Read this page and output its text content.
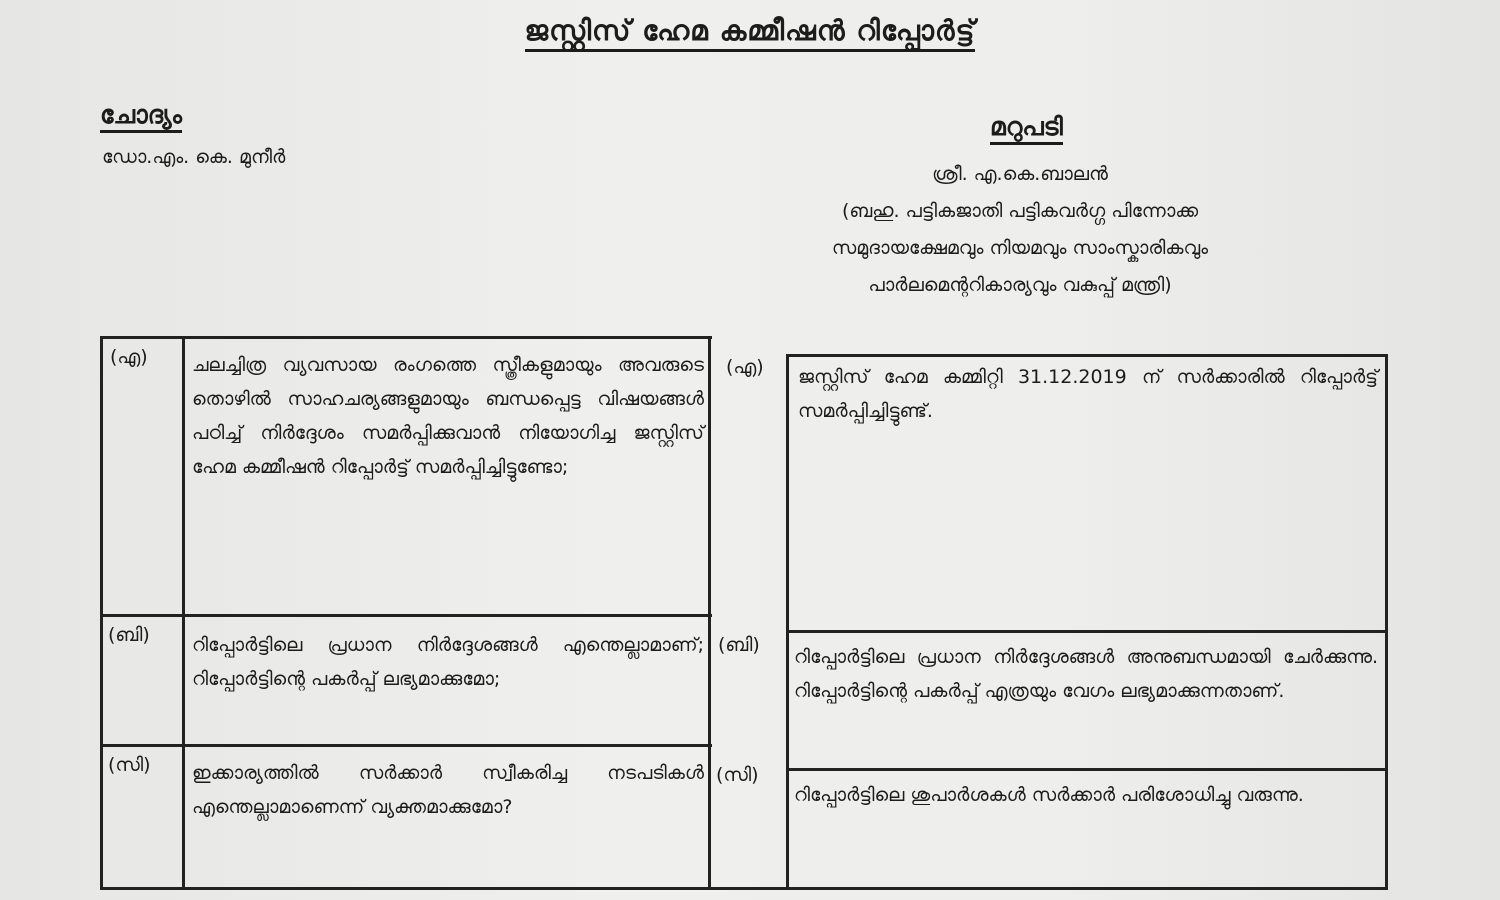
ജസ്റ്റിസ് ഹേമ കമ്മീഷൻ റിപ്പോർട്ട്
ചോദ്യം
ഡോ.എം. കെ. മുനീർ
മറുപടി
ശ്രീ. എ.കെ.ബാലൻ
(ബഹു. പട്ടികജാതി പട്ടികവർഗ്ഗ പിന്നോക്ക
സമുദായക്ഷേമവും നിയമവും സാംസ്കാരികവും
പാർലമെന്ററികാര്യവും വകുപ്പ് മന്ത്രി)
(എ) ചലച്ചിത്ര വ്യവസായ രംഗത്തെ സ്ത്രീകളുമായും അവരുടെ തൊഴിൽ സാഹചര്യങ്ങളുമായും ബന്ധപ്പെട്ട വിഷയങ്ങൾ പഠിച്ച് നിർദ്ദേശം സമർപ്പിക്കുവാൻ നിയോഗിച്ച ജസ്റ്റിസ് ഹേമ കമ്മീഷൻ റിപ്പോർട്ട് സമർപ്പിച്ചിട്ടുണ്ടോ;
(എ) ജസ്റ്റിസ് ഹേമ കമ്മിറ്റി 31.12.2019 ന് സർക്കാരിൽ റിപ്പോർട്ട് സമർപ്പിച്ചിട്ടുണ്ട്.
(ബി) റിപ്പോർട്ടിലെ പ്രധാന നിർദ്ദേശങ്ങൾ എന്തെല്ലാമാണ്; റിപ്പോർട്ടിന്റെ പകർപ്പ് ലഭ്യമാക്കുമോ;
(ബി)
റിപ്പോർട്ടിലെ പ്രധാന നിർദ്ദേശങ്ങൾ അനുബന്ധമായി ചേർക്കുന്നു. റിപ്പോർട്ടിന്റെ പകർപ്പ് എത്രയും വേഗം ലഭ്യമാക്കുന്നതാണ്.
(സി) ഇക്കാര്യത്തിൽ സർക്കാർ സ്വീകരിച്ച നടപടികൾ എന്തെല്ലാമാണെന്ന് വ്യക്തമാക്കുമോ?
(സി)
റിപ്പോർട്ടിലെ ശുപാർശകൾ സർക്കാർ പരിശോധിച്ചു വരുന്നു.
